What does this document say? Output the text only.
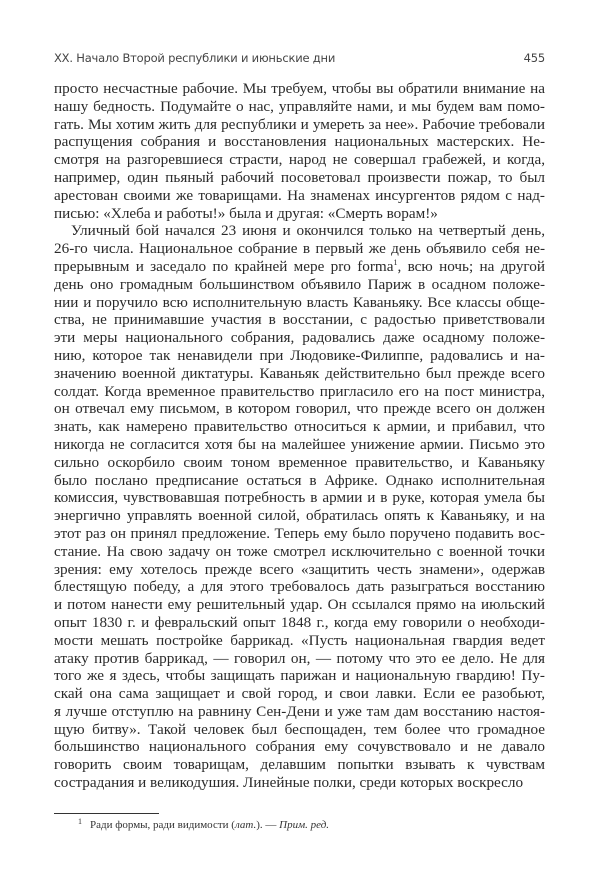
XX. Начало Второй республики и июньские дни	455
просто несчастные рабочие. Мы требуем, чтобы вы обратили внимание на
нашу бедность. Подумайте о нас, управляйте нами, и мы будем вам помо-
гать. Мы хотим жить для республики и умереть за нее». Рабочие требовали
распущения собрания и восстановления национальных мастерских. Не-
смотря на разгоревшиеся страсти, народ не совершал грабежей, и когда,
например, один пьяный рабочий посоветовал произвести пожар, то был
арестован своими же товарищами. На знаменах инсургентов рядом с над-
писью: «Хлеба и работы!» была и другая: «Смерть ворам!»
Уличный бой начался 23 июня и окончился только на четвертый день,
26-го числа. Национальное собрание в первый же день объявило себя не-
прерывным и заседало по крайней мере pro forma$^1$, всю ночь; на другой
день оно громадным большинством объявило Париж в осадном положе-
нии и поручило всю исполнительную власть Каваньяку. Все классы обще-
ства, не принимавшие участия в восстании, с радостью приветствовали
эти меры национального собрания, радовались даже осадному положе-
нию, которое так ненавидели при Людовике-Филиппе, радовались и на-
значению военной диктатуры. Каваньяк действительно был прежде всего
солдат. Когда временное правительство пригласило его на пост министра,
он отвечал ему письмом, в котором говорил, что прежде всего он должен
знать, как намерено правительство относиться к армии, и прибавил, что
никогда не согласится хотя бы на малейшее унижение армии. Письмо это
сильно оскорбило своим тоном временное правительство, и Каваньяку
было послано предписание остаться в Африке. Однако исполнительная
комиссия, чувствовавшая потребность в армии и в руке, которая умела бы
энергично управлять военной силой, обратилась опять к Каваньяку, и на
этот раз он принял предложение. Теперь ему было поручено подавить вос-
стание. На свою задачу он тоже смотрел исключительно с военной точки
зрения: ему хотелось прежде всего «защитить честь знамени», одержав
блестящую победу, а для этого требовалось дать разыграться восстанию
и потом нанести ему решительный удар. Он ссылался прямо на июльский
опыт 1830 г. и февральский опыт 1848 г., когда ему говорили о необходи-
мости мешать постройке баррикад. «Пусть национальная гвардия ведет
атаку против баррикад, — говорил он, — потому что это ее дело. Не для
того же я здесь, чтобы защищать парижан и национальную гвардию! Пу-
скай она сама защищает и свой город, и свои лавки. Если ее разобьют,
я лучше отступлю на равнину Сен-Дени и уже там дам восстанию настоя-
щую битву». Такой человек был беспощаден, тем более что громадное
большинство национального собрания ему сочувствовало и не давало
говорить своим товарищам, делавшим попытки взывать к чувствам
сострадания и великодушия. Линейные полки, среди которых воскресло
$^1$ Ради формы, ради видимости (лат.). — Прим. ред.
